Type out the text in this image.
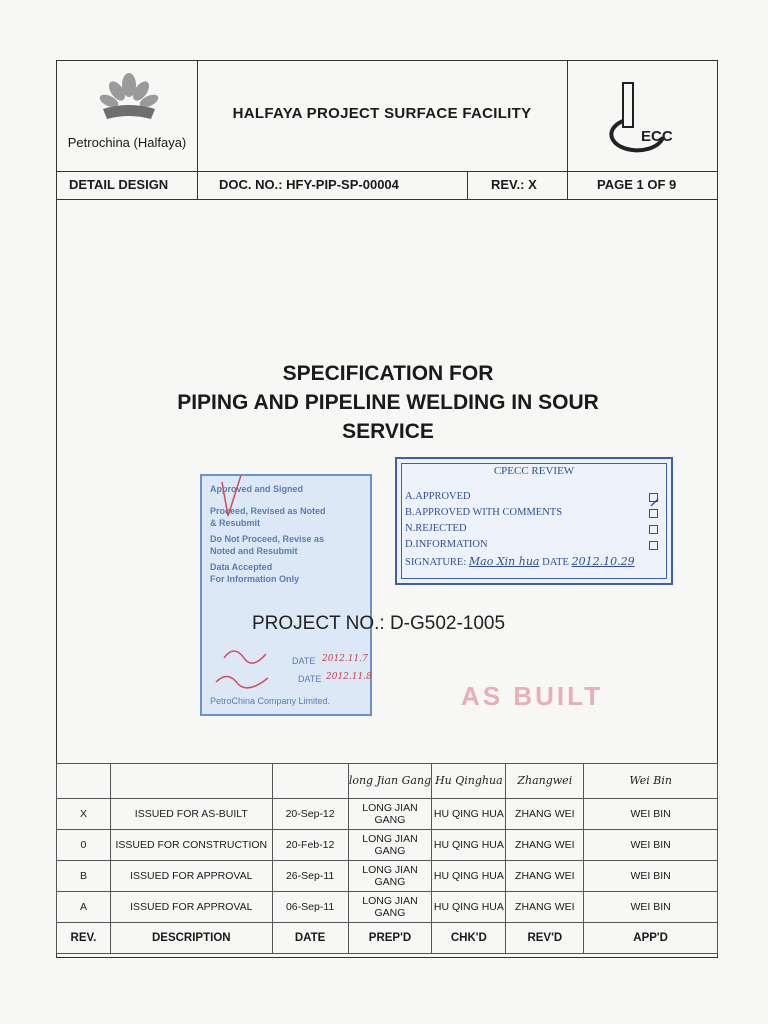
Petrochina (Halfaya)
HALFAYA PROJECT SURFACE FACILITY
ECC
DETAIL DESIGN	DOC. NO.: HFY-PIP-SP-00004	REV.: X	PAGE 1 OF 9
SPECIFICATION FOR
PIPING AND PIPELINE WELDING IN SOUR
SERVICE
Approved and Signed
Proceed, Revised as Noted
& Resubmit
Do Not Proceed, Revise as
Noted and Resubmit
Data Accepted
For Information Only
DATE 2012.11.7
DATE 2012.11.8
PetroChina Company Limited.
CPECC REVIEW
A.APPROVED
B.APPROVED WITH COMMENTS
N.REJECTED
D.INFORMATION
SIGNATURE: Mao Xin hua DATE 2012.10.29
PROJECT NO.: D-G502-1005
AS BUILT
			long Jian Gang	Hu Qinghua	Zhangwei	Wei Bin
X	ISSUED FOR AS-BUILT	20-Sep-12	LONG JIAN GANG	HU QING HUA	ZHANG WEI	WEI BIN
0	ISSUED FOR CONSTRUCTION	20-Feb-12	LONG JIAN GANG	HU QING HUA	ZHANG WEI	WEI BIN
B	ISSUED FOR APPROVAL	26-Sep-11	LONG JIAN GANG	HU QING HUA	ZHANG WEI	WEI BIN
A	ISSUED FOR APPROVAL	06-Sep-11	LONG JIAN GANG	HU QING HUA	ZHANG WEI	WEI BIN
REV.	DESCRIPTION	DATE	PREP'D	CHK'D	REV'D	APP'D
